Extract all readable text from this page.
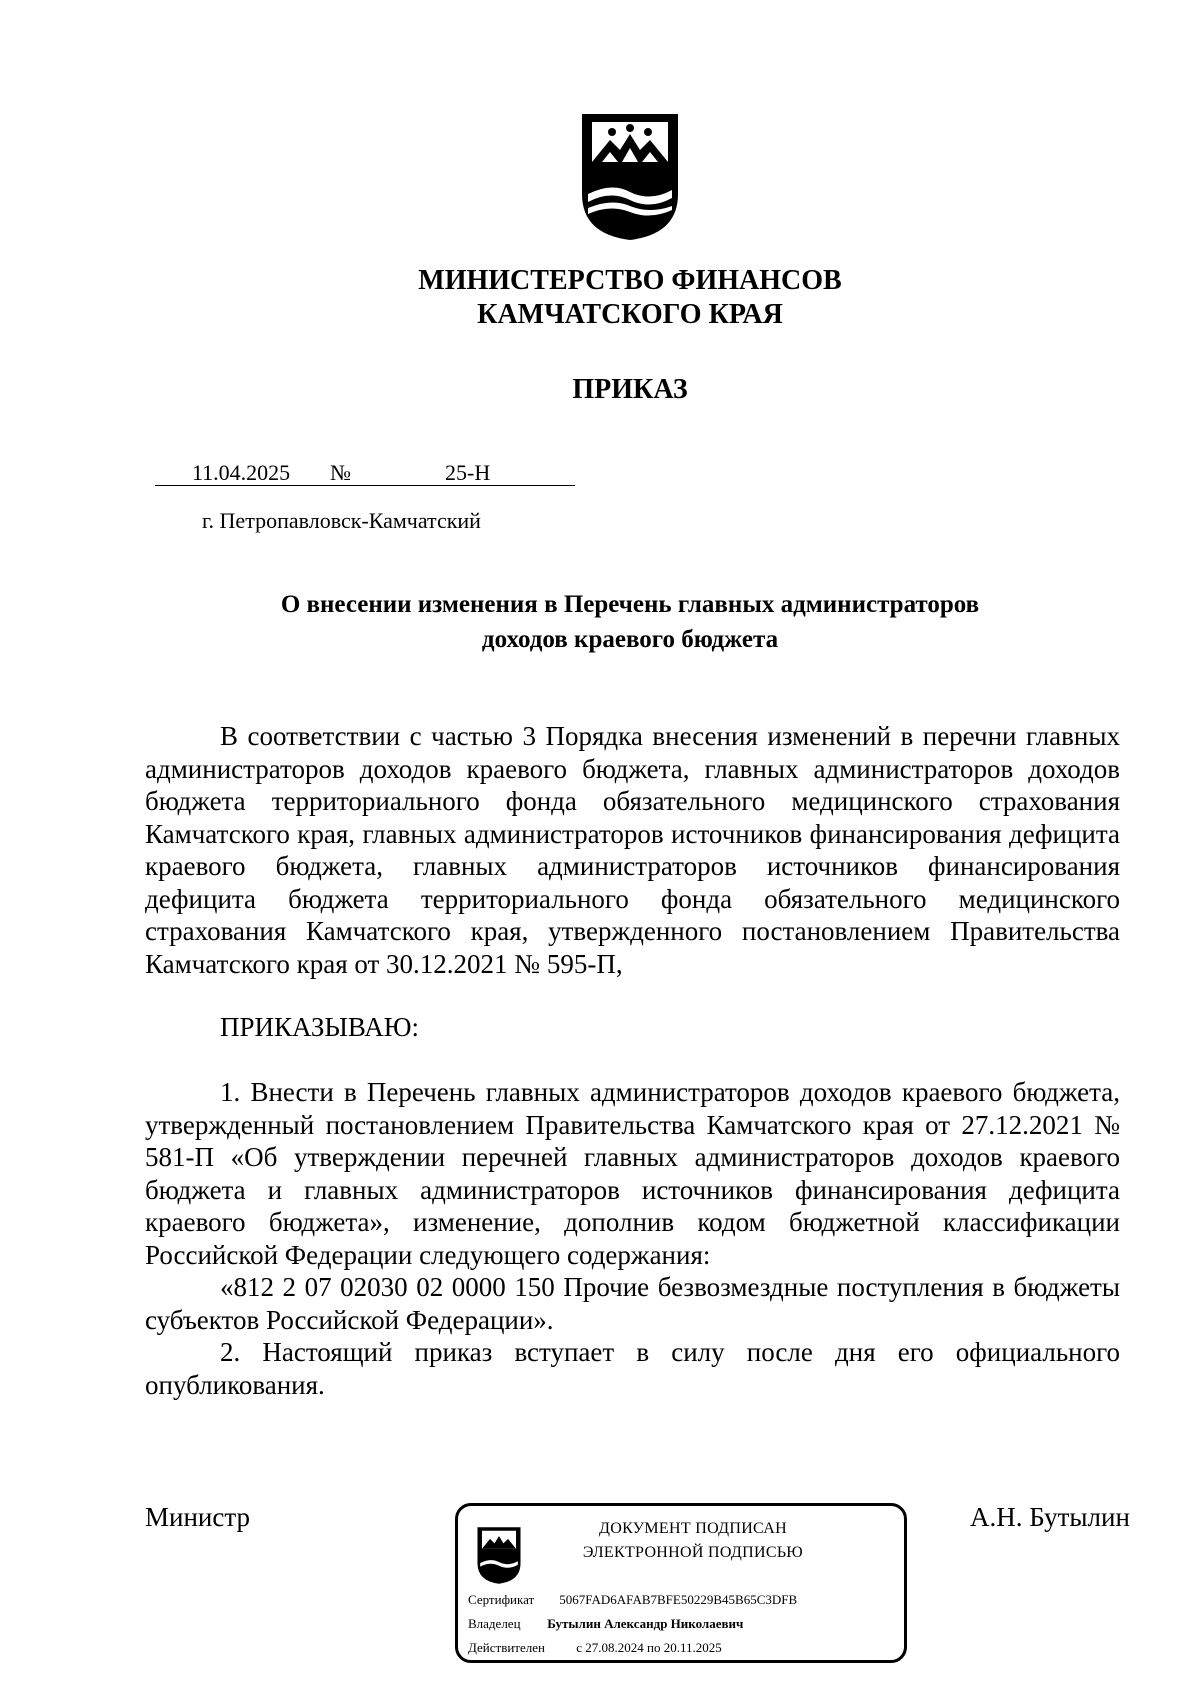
МИНИСТЕРСТВО ФИНАНСОВ
КАМЧАТСКОГО КРАЯ
ПРИКАЗ
11.04.2025 №	25-Н
г. Петропавловск-Камчатский
О внесении изменения в Перечень главных администраторов
доходов краевого бюджета
В соответствии с частью 3 Порядка внесения изменений в перечни главных администраторов доходов краевого бюджета, главных администраторов доходов бюджета территориального фонда обязательного медицинского страхования Камчатского края, главных администраторов источников финансирования дефицита краевого бюджета, главных администраторов источников финансирования дефицита бюджета территориального фонда обязательного медицинского страхования Камчатского края, утвержденного постановлением Правительства Камчатского края от 30.12.2021 № 595-П,
ПРИКАЗЫВАЮ:
1. Внести в Перечень главных администраторов доходов краевого бюджета, утвержденный постановлением Правительства Камчатского края от 27.12.2021 № 581-П «Об утверждении перечней главных администраторов доходов краевого бюджета и главных администраторов источников финансирования дефицита краевого бюджета», изменение, дополнив кодом бюджетной классификации Российской Федерации следующего содержания:
«812 2 07 02030 02 0000 150 Прочие безвозмездные поступления в бюджеты субъектов Российской Федерации».
2. Настоящий приказ вступает в силу после дня его официального опубликования.
Министр	А.Н. Бутылин
ДОКУМЕНТ ПОДПИСАН
ЭЛЕКТРОННОЙ ПОДПИСЬЮ
Сертификат 5067FAD6AFAB7BFE50229B45B65C3DFB
Владелец Бутылин Александр Николаевич
Действителен с 27.08.2024 по 20.11.2025
